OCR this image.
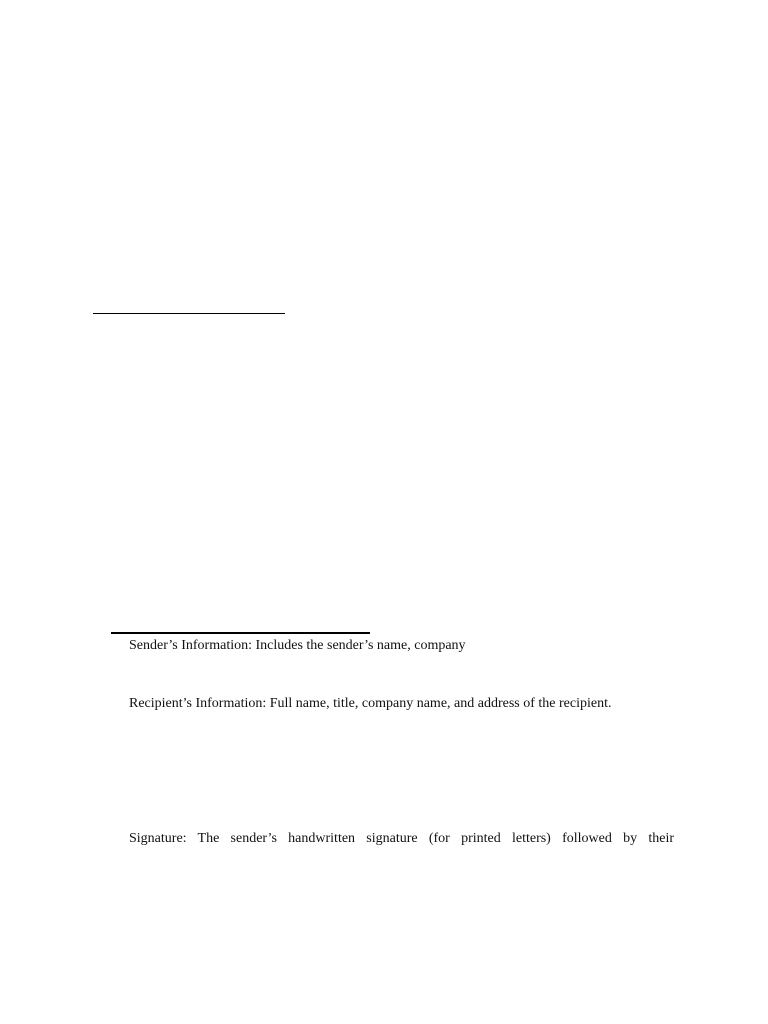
Sender’s Information: Includes the sender’s name, company
Recipient’s Information: Full name, title, company name, and address of the recipient.
Signature: The sender’s handwritten signature (for printed letters) followed by their
